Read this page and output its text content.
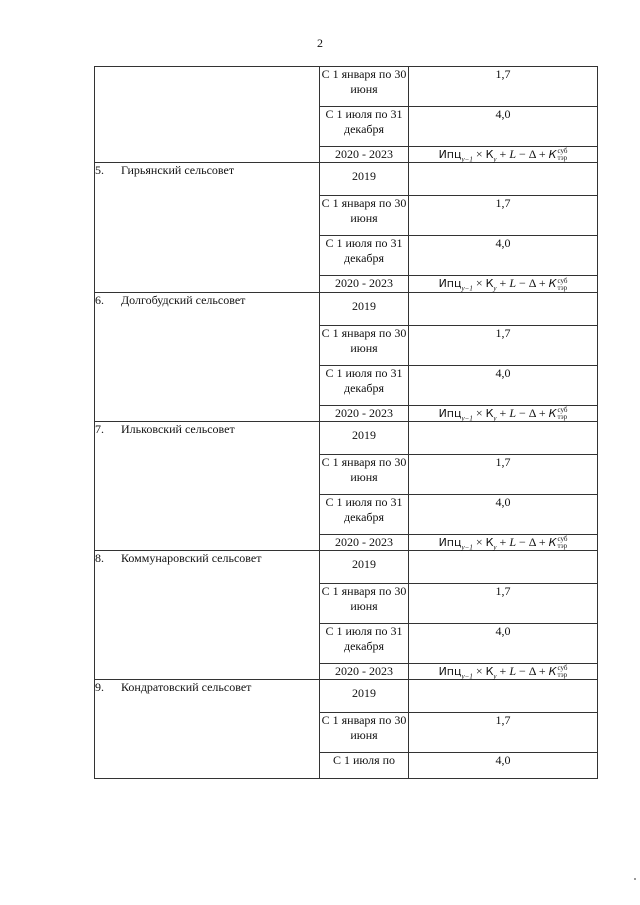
2
	С 1 января по 30 июня	1,7
	С 1 июля по 31 декабря	4,0
	2020 - 2023	$Ипц_{y-1} \times К_y + L - \Delta + К$ суб
тэр

5. Гирьянский сельсовет	2019	
	С 1 января по 30 июня	1,7
	С 1 июля по 31 декабря	4,0
	2020 - 2023	$Ипц_{y-1} \times К_y + L - \Delta + К$ суб
тэр

6. Долгобудский сельсовет	2019	
	С 1 января по 30 июня	1,7
	С 1 июля по 31 декабря	4,0
	2020 - 2023	$Ипц_{y-1} \times К_y + L - \Delta + К$ суб
тэр

7. Ильковский сельсовет	2019	
	С 1 января по 30 июня	1,7
	С 1 июля по 31 декабря	4,0
	2020 - 2023	$Ипц_{y-1} \times К_y + L - \Delta + К$ суб
тэр

8. Коммунаровский сельсовет	2019	
	С 1 января по 30 июня	1,7
	С 1 июля по 31 декабря	4,0
	2020 - 2023	$Ипц_{y-1} \times К_y + L - \Delta + К$ суб
тэр

9. Кондратовский сельсовет	2019	
	С 1 января по 30 июня	1,7
	С 1 июля по	4,0
